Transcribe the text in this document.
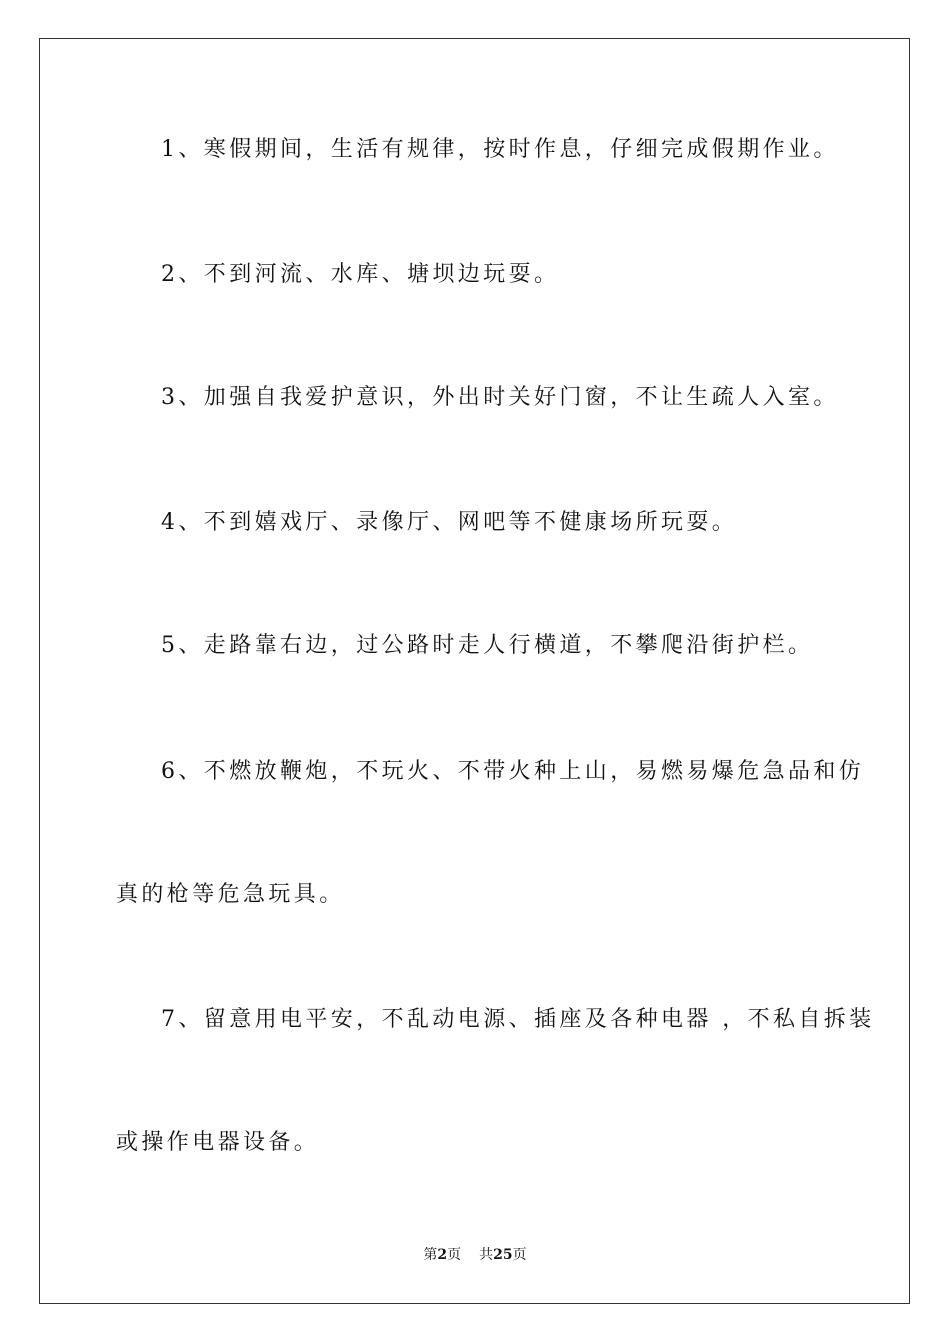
1、寒假期间，生活有规律，按时作息，仔细完成假期作业。

2、不到河流、水库、塘坝边玩耍。

3、加强自我爱护意识，外出时关好门窗，不让生疏人入室。

4、不到嬉戏厅、录像厅、网吧等不健康场所玩耍。

5、走路靠右边，过公路时走人行横道，不攀爬沿街护栏。

6、不燃放鞭炮，不玩火、不带火种上山，易燃易爆危急品和仿

真的枪等危急玩具。

7、留意用电平安，不乱动电源、插座及各种电器 ，不私自拆装

或操作电器设备。

第2页 共25页
